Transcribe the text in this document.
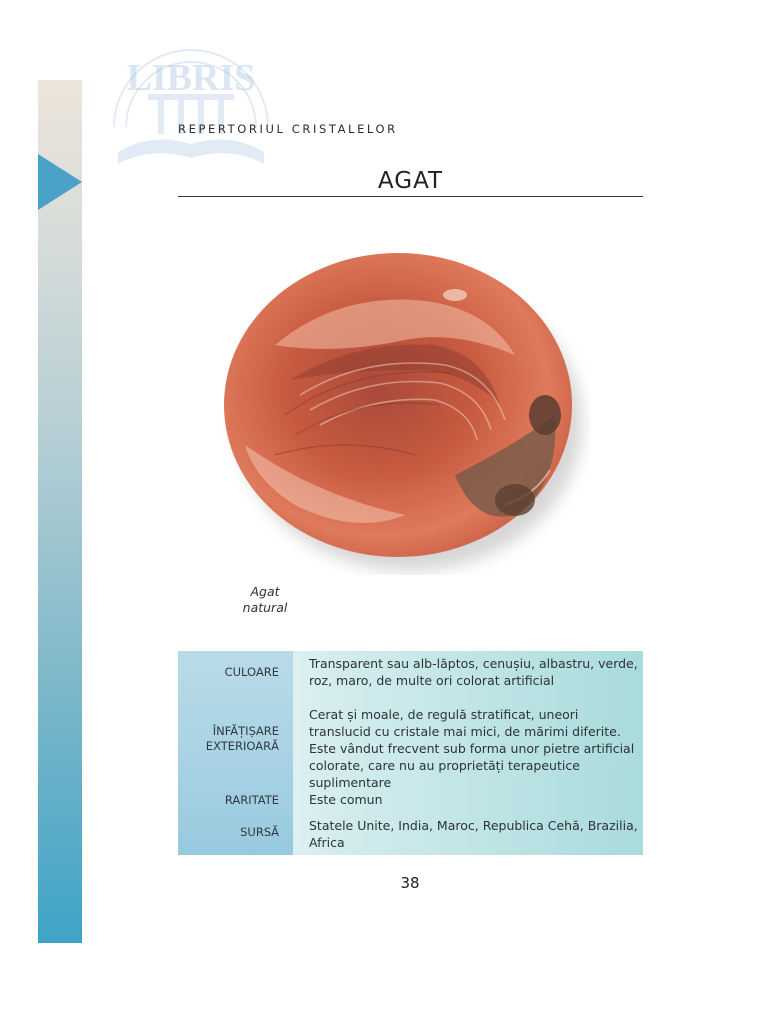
LIBRIS

REPERTORIUL CRISTALELOR

AGAT

Agat
natural

CULOARE
ÎNFĂȚIȘARE
EXTERIOARĂ
RARITATE
SURSĂ
Transparent sau alb-lăptos, cenușiu, albastru, verde,
roz, maro, de multe ori colorat artificial
Cerat și moale, de regulă stratificat, uneori
translucid cu cristale mai mici, de mărimi diferite.
Este vândut frecvent sub forma unor pietre artificial
colorate, care nu au proprietăți terapeutice suplimentare
Este comun
Statele Unite, India, Maroc, Republica Cehă, Brazilia,
Africa

38
